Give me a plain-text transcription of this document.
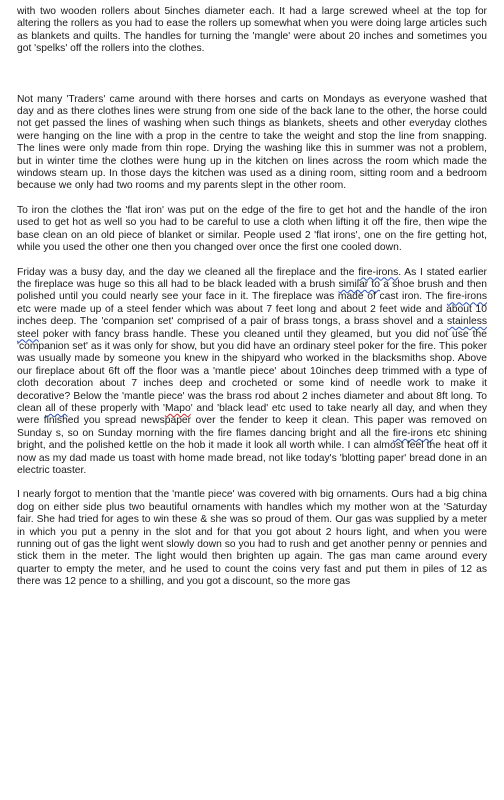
with two wooden rollers about 5inches diameter each. It had a large screwed wheel at the top for altering the rollers as you had to ease the rollers up somewhat when you were doing large articles such as blankets and quilts. The handles for turning the 'mangle' were about 20 inches and sometimes you got 'spelks' off the rollers into the clothes.

Not many 'Traders' came around with there horses and carts on Mondays as everyone washed that day and as there clothes lines were strung from one side of the back lane to the other, the horse could not get passed the lines of washing when such things as blankets, sheets and other everyday clothes were hanging on the line with a prop in the centre to take the weight and stop the line from snapping. The lines were only made from thin rope. Drying the washing like this in summer was not a problem, but in winter time the clothes were hung up in the kitchen on lines across the room which made the windows steam up. In those days the kitchen was used as a dining room, sitting room and a bedroom because we only had two rooms and my parents slept in the other room.

To iron the clothes the 'flat iron' was put on the edge of the fire to get hot and the handle of the iron used to get hot as well so you had to be careful to use a cloth when lifting it off the fire, then wipe the base clean on an old piece of blanket or similar. People used 2 'flat irons', one on the fire getting hot, while you used the other one then you changed over once the first one cooled down.

Friday was a busy day, and the day we cleaned all the fireplace and the fire-irons. As I stated earlier the fireplace was huge so this all had to be black leaded with a brush similar to a shoe brush and then polished until you could nearly see your face in it. The fireplace was made of cast iron. The fire-irons etc were made up of a steel fender which was about 7 feet long and about 2 feet wide and about 10 inches deep. The 'companion set' comprised of a pair of brass tongs, a brass shovel and a stainless steel poker with fancy brass handle. These you cleaned until they gleamed, but you did not use the 'companion set' as it was only for show, but you did have an ordinary steel poker for the fire. This poker was usually made by someone you knew in the shipyard who worked in the blacksmiths shop. Above our fireplace about 6ft off the floor was a 'mantle piece' about 10inches deep trimmed with a type of cloth decoration about 7 inches deep and crocheted or some kind of needle work to make it decorative? Below the 'mantle piece' was the brass rod about 2 inches diameter and about 8ft long. To clean all of these properly with 'Mapo' and 'black lead' etc used to take nearly all day, and when they were finished you spread newspaper over the fender to keep it clean. This paper was removed on Sunday s, so on Sunday morning with the fire flames dancing bright and all the fire-irons etc shining bright, and the polished kettle on the hob it made it look all worth while. I can almost feel the heat off it now as my dad made us toast with home made bread, not like today's 'blotting paper' bread done in an electric toaster.

I nearly forgot to mention that the 'mantle piece' was covered with big ornaments. Ours had a big china dog on either side plus two beautiful ornaments with handles which my mother won at the 'Saturday fair. She had tried for ages to win these & she was so proud of them. Our gas was supplied by a meter in which you put a penny in the slot and for that you got about 2 hours light, and when you were running out of gas the light went slowly down so you had to rush and get another penny or pennies and stick them in the meter. The light would then brighten up again. The gas man came around every quarter to empty the meter, and he used to count the coins very fast and put them in piles of 12 as there was 12 pence to a shilling, and you got a discount, so the more gas
